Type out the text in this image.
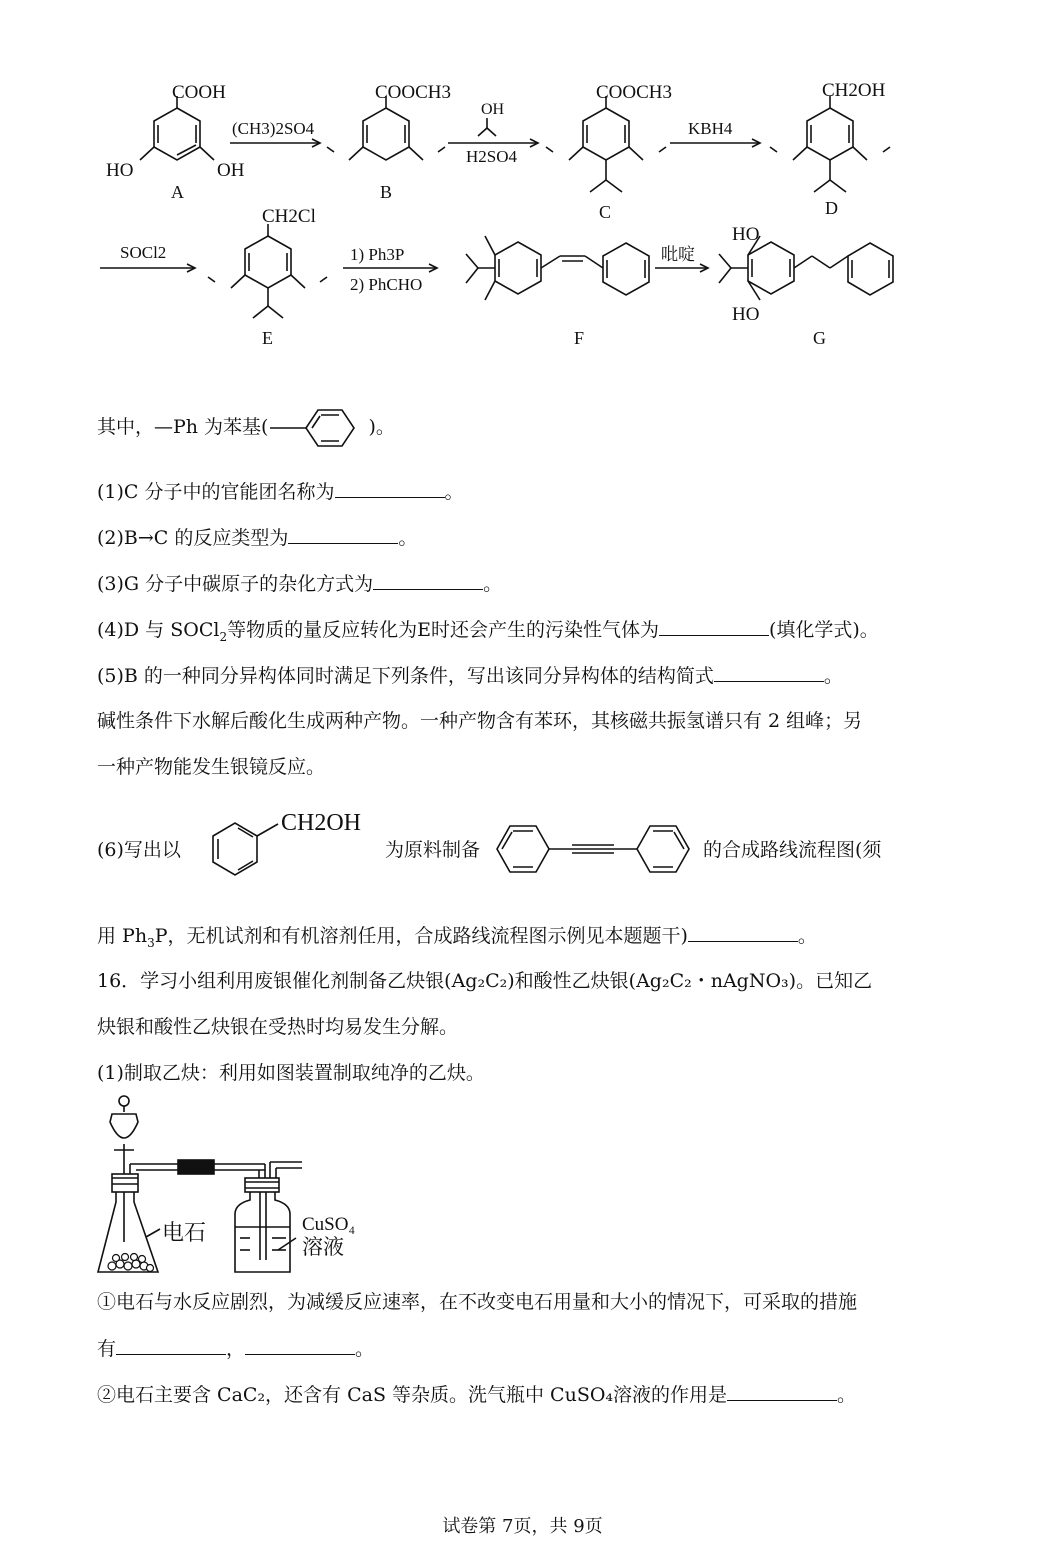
COOH
HO	OH
A
COOCH3
B
COOCH3
C
CH2OH
D
CH2Cl
E	F
HO
HO
G
(CH3)2SO4
OH
H2SO4
KBH4
SOCl2	1) Ph3P
2) PhCHO
吡啶
其中，—Ph 为苯基(	)。
(1)C 分子中的官能团名称为	。
(2)B→C 的反应类型为	。
(3)G 分子中碳原子的杂化方式为	。
(4)D 与 SOCl$_2$等物质的量反应转化为E时还会产生的污染性气体为	(填化学式)。
(5)B 的一种同分异构体同时满足下列条件，写出该同分异构体的结构简式	。
碱性条件下水解后酸化生成两种产物。一种产物含有苯环，其核磁共振氢谱只有 2 组峰；另
一种产物能发生银镜反应。
(6)写出以
CH2OH
为原料制备	的合成路线流程图(须
用 $Ph_3P$，无机试剂和有机溶剂任用，合成路线流程图示例见本题题干)	。
16．学习小组利用废银催化剂制备乙炔银(Ag₂C₂)和酸性乙炔银(Ag₂C₂・nAgNO₃)。已知乙
炔银和酸性乙炔银在受热时均易发生分解。
(1)制取乙炔：利用如图装置制取纯净的乙炔。
电石	CuSO₄
溶液
①电石与水反应剧烈，为减缓反应速率，在不改变电石用量和大小的情况下，可采取的措施
有	，	。
②电石主要含 CaC₂，还含有 CaS 等杂质。洗气瓶中 CuSO₄溶液的作用是	。
试卷第 7页，共 9页
